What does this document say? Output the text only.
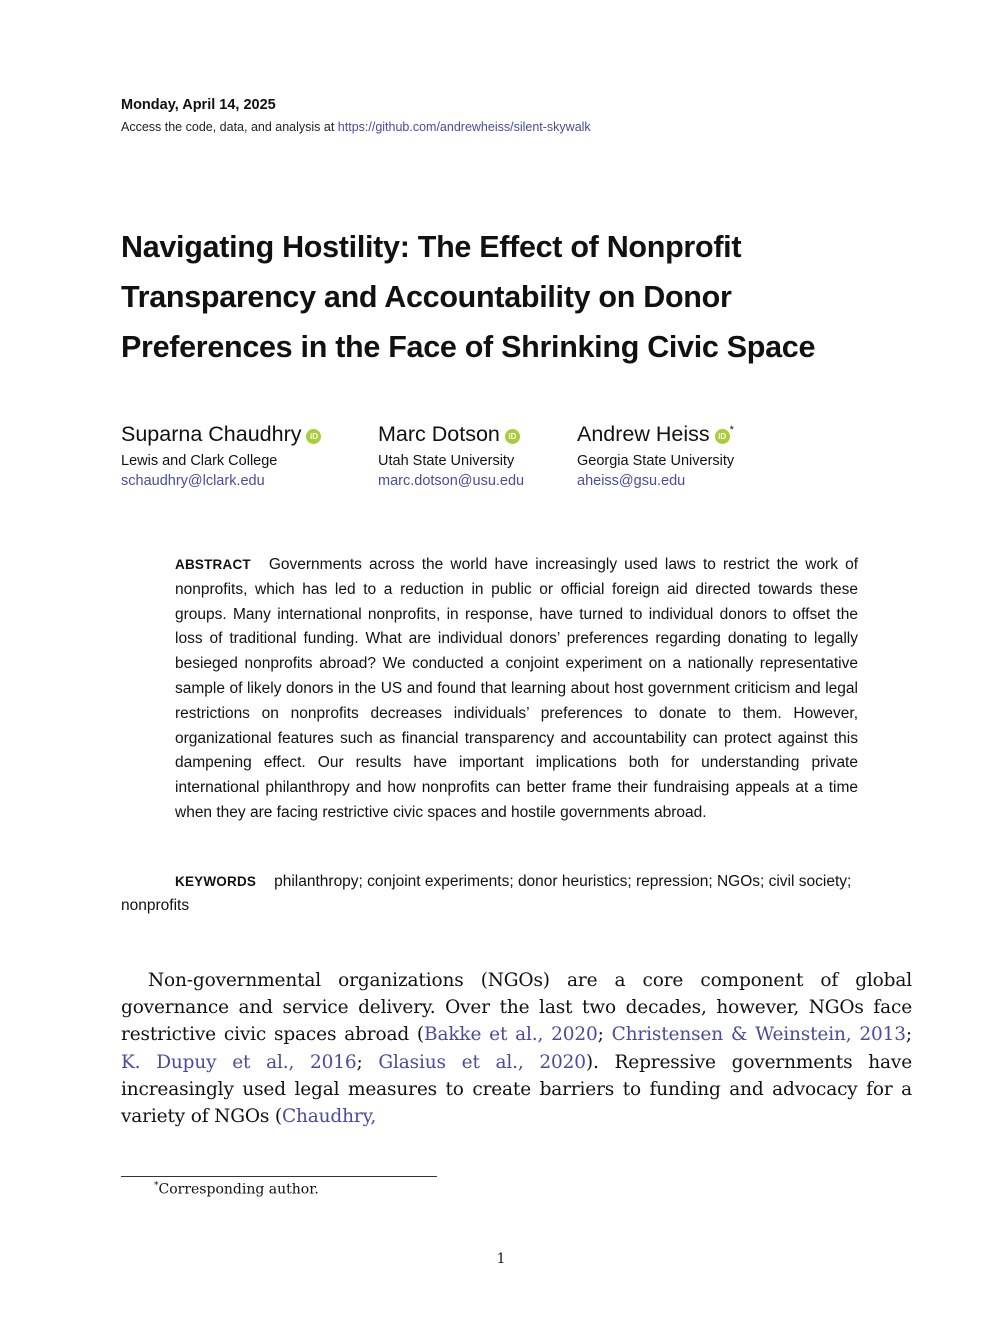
Monday, April 14, 2025
Access the code, data, and analysis at https://github.com/andrewheiss/silent-skywalk
Navigating Hostility: The Effect of Nonprofit Transparency and Accountability on Donor Preferences in the Face of Shrinking Civic Space
Suparna Chaudhry iD
Lewis and Clark College
schaudhry@lclark.edu
Marc Dotson iD
Utah State University
marc.dotson@usu.edu
Andrew Heiss iD*
Georgia State University
aheiss@gsu.edu

ABSTRACT Governments across the world have increasingly used laws to restrict the work of nonprofits, which has led to a reduction in public or official foreign aid directed towards these groups. Many international nonprofits, in response, have turned to individual donors to offset the loss of traditional funding. What are individual donors’ preferences regarding donating to legally besieged nonprofits abroad? We conducted a conjoint experiment on a nationally representative sample of likely donors in the US and found that learning about host government criticism and legal restrictions on nonprofits decreases individuals’ preferences to donate to them. However, organizational features such as financial transparency and accountability can protect against this dampening effect. Our results have important implications both for understanding private international philanthropy and how nonprofits can better frame their fundraising appeals at a time when they are facing restrictive civic spaces and hostile governments abroad.

KEYWORDS philanthropy; conjoint experiments; donor heuristics; repression; NGOs; civil society; nonprofits

Non-governmental organizations (NGOs) are a core component of global governance and service delivery. Over the last two decades, however, NGOs face restrictive civic spaces abroad (Bakke et al., 2020; Christensen & Weinstein, 2013; K. Dupuy et al., 2016; Glasius et al., 2020). Repressive governments have increasingly used legal measures to create barriers to funding and advocacy for a variety of NGOs (Chaudhry,

*Corresponding author.
1
